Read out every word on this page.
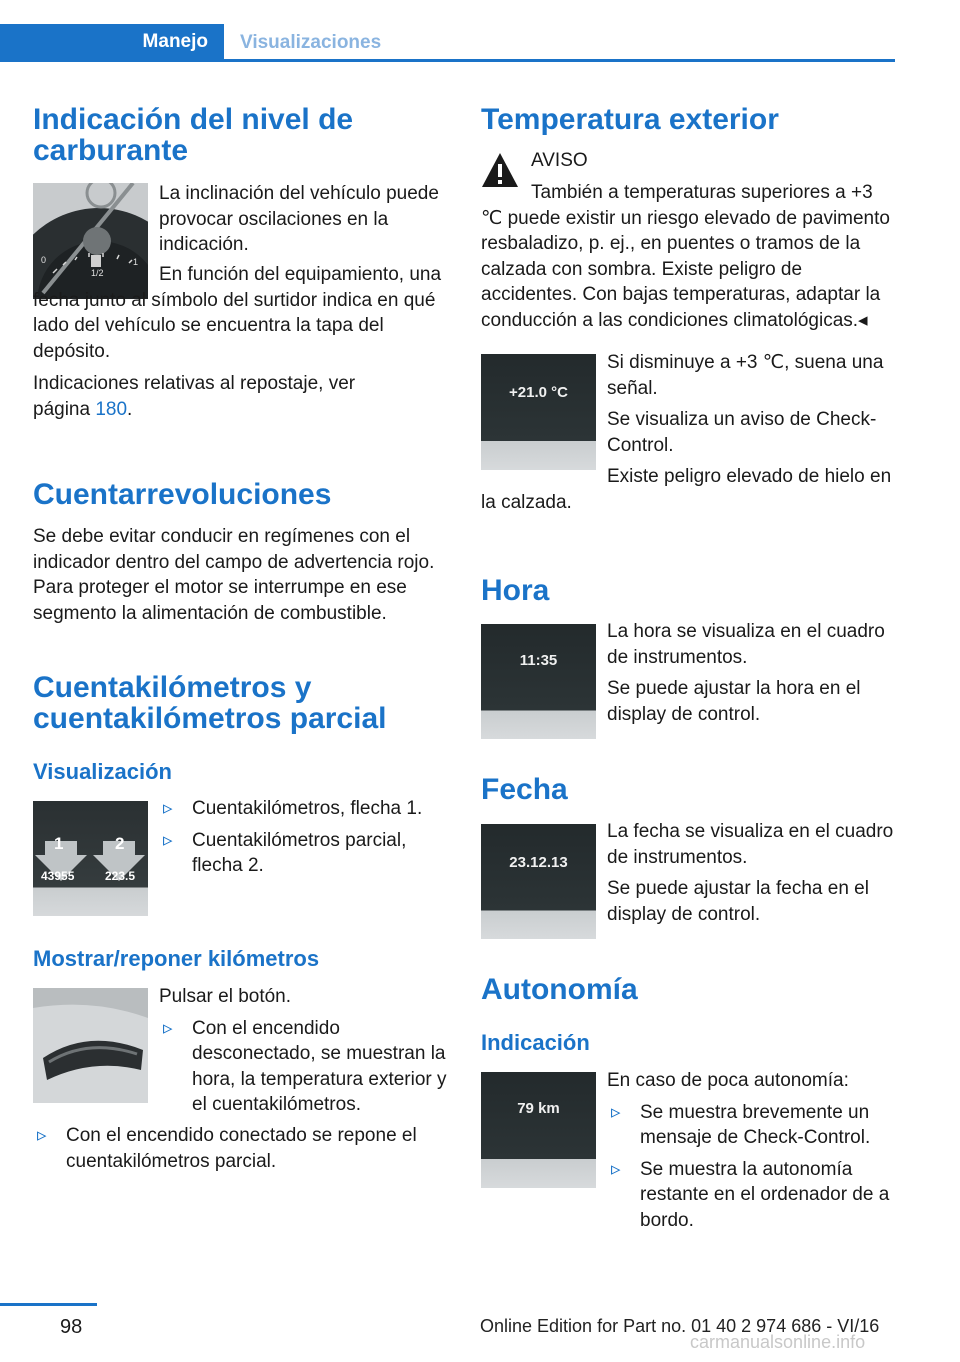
Manejo Visualizaciones
Indicación del nivel de carburante
0
1/2
1

La inclinación del vehículo puede provocar oscilaciones en la indicación.

En función del equipamiento, una fecha junto al símbolo del surtidor indica en qué lado del vehículo se encuentra la tapa del depósito.

Indicaciones relativas al repostaje, ver página 180.

Cuentarrevoluciones

Se debe evitar conducir en regímenes con el indicador dentro del campo de advertencia rojo. Para proteger el motor se interrumpe en ese segmento la alimentación de combustible.

Cuentakilómetros y cuentakilómetros parcial
Visualización
1	2
43955	223.5
▹ Cuentakilómetros, flecha 1.
▹ Cuentakilómetros parcial, flecha 2.
Mostrar/reponer kilómetros

Pulsar el botón.

▹ Con el encendido desconectado, se muestran la hora, la temperatura exterior y el cuentakilómetros.
▹ Con el encendido conectado se repone el cuentakilómetros parcial.
Temperatura exterior
AVISO

También a temperaturas superiores a +3 ℃ puede existir un riesgo elevado de pavimento resbaladizo, p. ej., en puentes o tramos de la calzada con sombra. Existe peligro de accidentes. Con bajas temperaturas, adaptar la conducción a las condiciones climatológicas.◂

+21.0 °C

Si disminuye a +3 ℃, suena una señal.

Se visualiza un aviso de Check-Control.

Existe peligro elevado de hielo en la calzada.

Hora
11:35

La hora se visualiza en el cuadro de instrumentos.

Se puede ajustar la hora en el display de control.

Fecha
23.12.13

La fecha se visualiza en el cuadro de instrumentos.

Se puede ajustar la fecha en el display de control.

Autonomía
Indicación
79 km

En caso de poca autonomía:

▹ Se muestra brevemente un mensaje de Check-Control.
▹ Se muestra la autonomía restante en el ordenador de a bordo.
98	Online Edition for Part no. 01 40 2 974 686 - VI/16
carmanualsonline.info
